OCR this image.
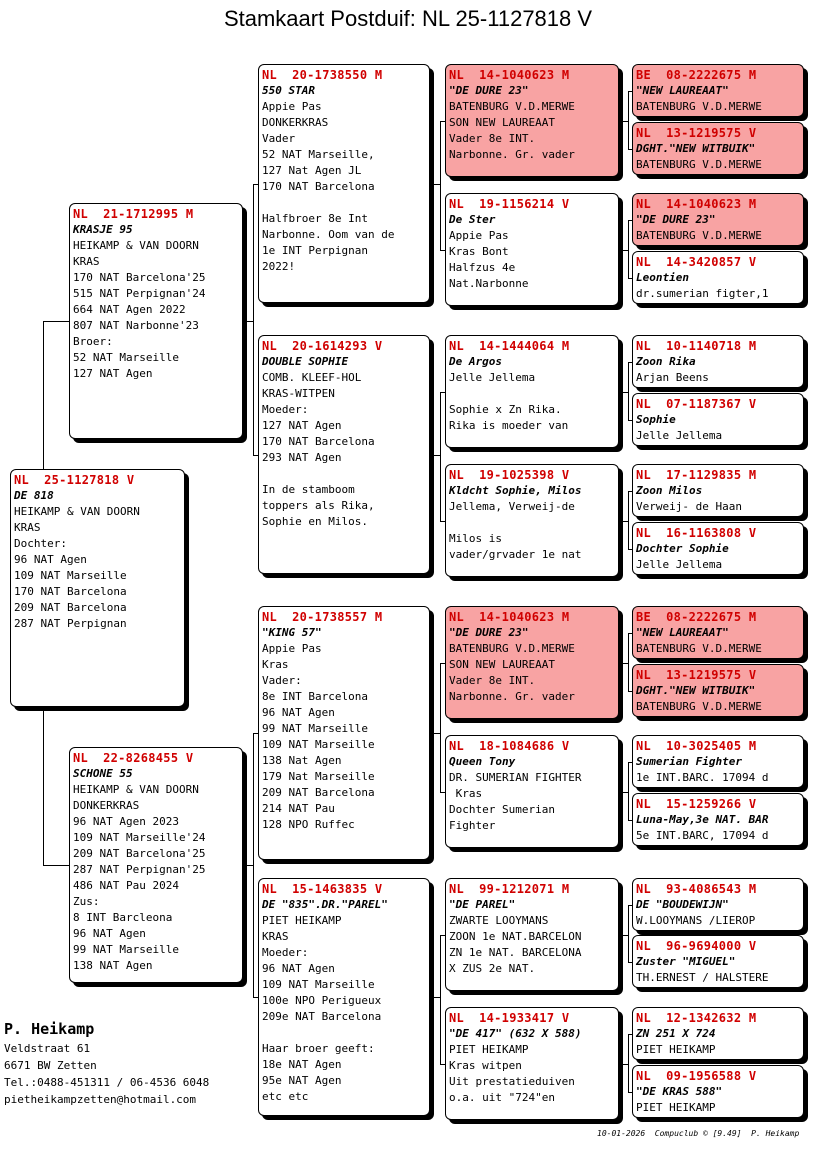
Stamkaart Postduif: NL 25-1127818 V
NL  25-1127818 V
DE 818
HEIKAMP & VAN DOORN
KRAS
Dochter:
96 NAT Agen
109 NAT Marseille
170 NAT Barcelona
209 NAT Barcelona
287 NAT Perpignan
NL  21-1712995 M
KRASJE 95
HEIKAMP & VAN DOORN
KRAS
170 NAT Barcelona'25
515 NAT Perpignan'24
664 NAT Agen 2022
807 NAT Narbonne'23
Broer:
52 NAT Marseille
127 NAT Agen
NL  22-8268455 V
SCHONE 55
HEIKAMP & VAN DOORN
DONKERKRAS
96 NAT Agen 2023
109 NAT Marseille'24
209 NAT Barcelona'25
287 NAT Perpignan'25
486 NAT Pau 2024
Zus:
8 INT Barcleona
96 NAT Agen
99 NAT Marseille
138 NAT Agen
NL  20-1738550 M
550 STAR
Appie Pas
DONKERKRAS
Vader
52 NAT Marseille,
127 Nat Agen JL
170 NAT Barcelona

Halfbroer 8e Int
Narbonne. Oom van de
1e INT Perpignan
2022!
NL  20-1614293 V
DOUBLE SOPHIE
COMB. KLEEF-HOL
KRAS-WITPEN
Moeder:
127 NAT Agen
170 NAT Barcelona
293 NAT Agen

In de stamboom
toppers als Rika,
Sophie en Milos.
NL  20-1738557 M
"KING 57"
Appie Pas
Kras
Vader:
8e INT Barcelona
96 NAT Agen
99 NAT Marseille
109 NAT Marseille
138 Nat Agen
179 Nat Marseille
209 NAT Barcelona
214 NAT Pau
128 NPO Ruffec
NL  15-1463835 V
DE "835".DR."PAREL"
PIET HEIKAMP
KRAS
Moeder:
96 NAT Agen
109 NAT Marseille
100e NPO Perigueux
209e NAT Barcelona

Haar broer geeft:
18e NAT Agen
95e NAT Agen
etc etc
NL  14-1040623 M
"DE DURE 23"
BATENBURG V.D.MERWE
SON NEW LAUREAAT
Vader 8e INT.
Narbonne. Gr. vader
NL  19-1156214 V
De Ster
Appie Pas
Kras Bont
Halfzus 4e
Nat.Narbonne
NL  14-1444064 M
De Argos
Jelle Jellema

Sophie x Zn Rika.
Rika is moeder van
NL  19-1025398 V
Kldcht Sophie, Milos
Jellema, Verweij-de

Milos is
vader/grvader 1e nat
NL  14-1040623 M
"DE DURE 23"
BATENBURG V.D.MERWE
SON NEW LAUREAAT
Vader 8e INT.
Narbonne. Gr. vader
NL  18-1084686 V
Queen Tony
DR. SUMERIAN FIGHTER
Kras
Dochter Sumerian
Fighter
NL  99-1212071 M
"DE PAREL"
ZWARTE LOOYMANS
ZOON 1e NAT.BARCELON
ZN 1e NAT. BARCELONA
X ZUS 2e NAT.
NL  14-1933417 V
"DE 417" (632 X 588)
PIET HEIKAMP
Kras witpen
Uit prestatieduiven
o.a. uit "724"en
BE  08-2222675 M
"NEW LAUREAAT"
BATENBURG V.D.MERWE
NL  13-1219575 V
DGHT."NEW WITBUIK"
BATENBURG V.D.MERWE
NL  14-1040623 M
"DE DURE 23"
BATENBURG V.D.MERWE
NL  14-3420857 V
Leontien
dr.sumerian figter,1
NL  10-1140718 M
Zoon Rika
Arjan Beens
NL  07-1187367 V
Sophie
Jelle Jellema
NL  17-1129835 M
Zoon Milos
Verweij- de Haan
NL  16-1163808 V
Dochter Sophie
Jelle Jellema
BE  08-2222675 M
"NEW LAUREAAT"
BATENBURG V.D.MERWE
NL  13-1219575 V
DGHT."NEW WITBUIK"
BATENBURG V.D.MERWE
NL  10-3025405 M
Sumerian Fighter
1e INT.BARC. 17094 d
NL  15-1259266 V
Luna-May,3e NAT. BAR
5e INT.BARC, 17094 d
NL  93-4086543 M
DE "BOUDEWIJN"
W.LOOYMANS /LIEROP
NL  96-9694000 V
Zuster "MIGUEL"
TH.ERNEST / HALSTERE
NL  12-1342632 M
ZN 251 X 724
PIET HEIKAMP
NL  09-1956588 V
"DE KRAS 588"
PIET HEIKAMP
P. Heikamp
Veldstraat 61
6671 BW Zetten
Tel.:0488-451311 / 06-4536 6048
pietheikampzetten@hotmail.com
10-01-2026  Compuclub © [9.49]  P. Heikamp
